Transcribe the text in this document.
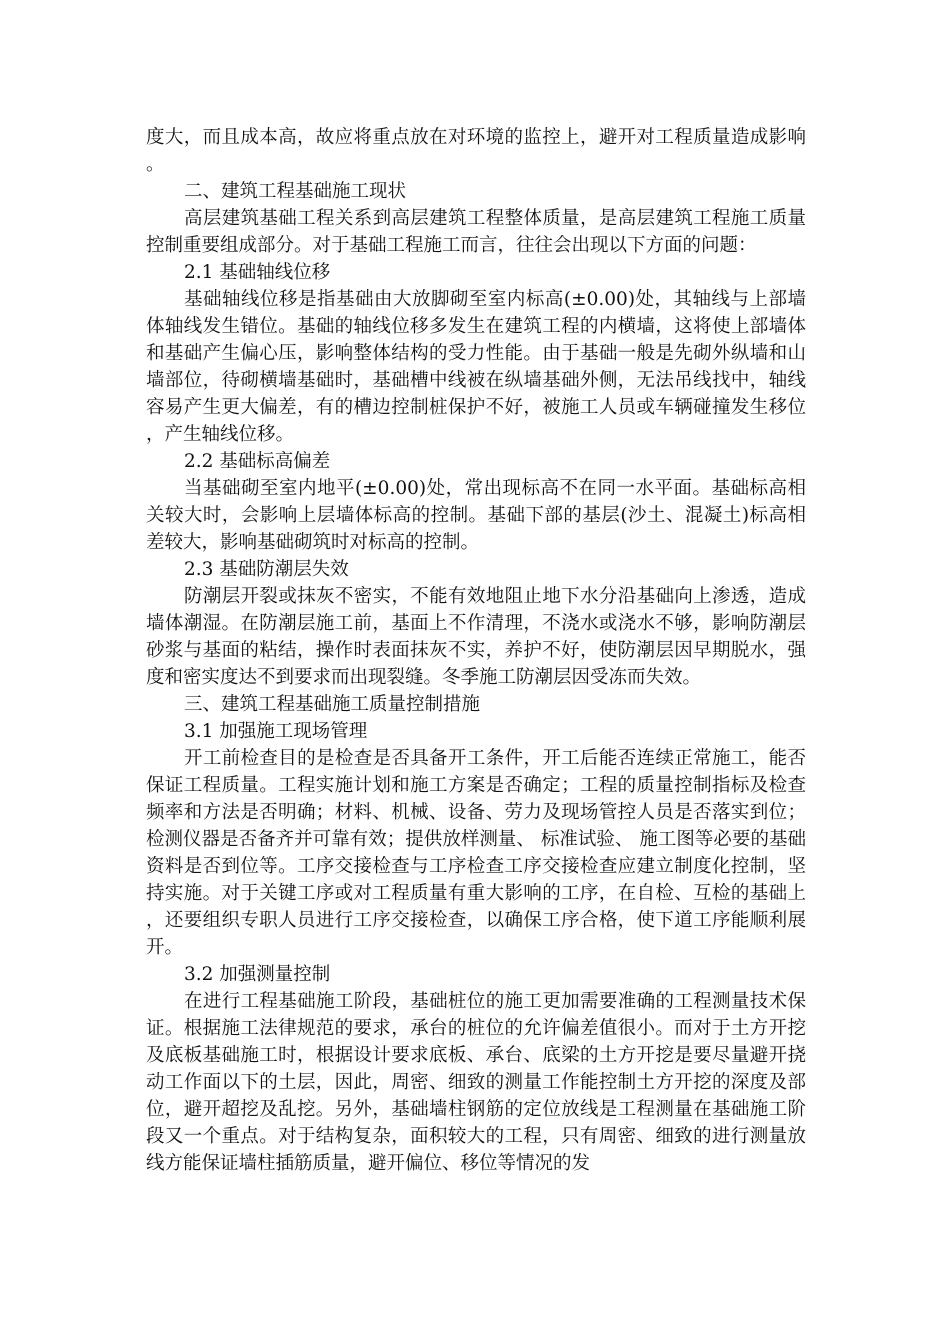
度大，而且成本高，故应将重点放在对环境的监控上，避开对工程质量造成影响。

二、建筑工程基础施工现状

高层建筑基础工程关系到高层建筑工程整体质量，是高层建筑工程施工质量控制重要组成部分。对于基础工程施工而言，往往会出现以下方面的问题：

2.1 基础轴线位移

基础轴线位移是指基础由大放脚砌至室内标高(±0.00)处，其轴线与上部墙体轴线发生错位。基础的轴线位移多发生在建筑工程的内横墙，这将使上部墙体和基础产生偏心压，影响整体结构的受力性能。由于基础一般是先砌外纵墙和山墙部位，待砌横墙基础时，基础槽中线被在纵墙基础外侧，无法吊线找中，轴线容易产生更大偏差，有的槽边控制桩保护不好，被施工人员或车辆碰撞发生移位，产生轴线位移。

2.2 基础标高偏差

当基础砌至室内地平(±0.00)处，常出现标高不在同一水平面。基础标高相关较大时，会影响上层墙体标高的控制。基础下部的基层(沙土、混凝土)标高相差较大，影响基础砌筑时对标高的控制。

2.3 基础防潮层失效

防潮层开裂或抹灰不密实，不能有效地阻止地下水分沿基础向上渗透，造成墙体潮湿。在防潮层施工前，基面上不作清理，不浇水或浇水不够，影响防潮层砂浆与基面的粘结，操作时表面抹灰不实，养护不好，使防潮层因早期脱水，强度和密实度达不到要求而出现裂缝。冬季施工防潮层因受冻而失效。

三、建筑工程基础施工质量控制措施

3.1 加强施工现场管理

开工前检查目的是检查是否具备开工条件，开工后能否连续正常施工，能否保证工程质量。工程实施计划和施工方案是否确定；工程的质量控制指标及检查频率和方法是否明确；材料、机械、设备、劳力及现场管控人员是否落实到位；检测仪器是否备齐并可靠有效；提供放样测量、 标准试验、 施工图等必要的基础资料是否到位等。工序交接检查与工序检查工序交接检查应建立制度化控制，坚持实施。对于关键工序或对工程质量有重大影响的工序，在自检、互检的基础上，还要组织专职人员进行工序交接检查，以确保工序合格，使下道工序能顺利展开。

3.2 加强测量控制

在进行工程基础施工阶段，基础桩位的施工更加需要准确的工程测量技术保证。根据施工法律规范的要求，承台的桩位的允许偏差值很小。而对于土方开挖及底板基础施工时，根据设计要求底板、承台、底梁的土方开挖是要尽量避开挠动工作面以下的土层，因此，周密、细致的测量工作能控制土方开挖的深度及部位，避开超挖及乱挖。另外，基础墙柱钢筋的定位放线是工程测量在基础施工阶段又一个重点。对于结构复杂，面积较大的工程，只有周密、细致的进行测量放线方能保证墙柱插筋质量，避开偏位、移位等情况的发
